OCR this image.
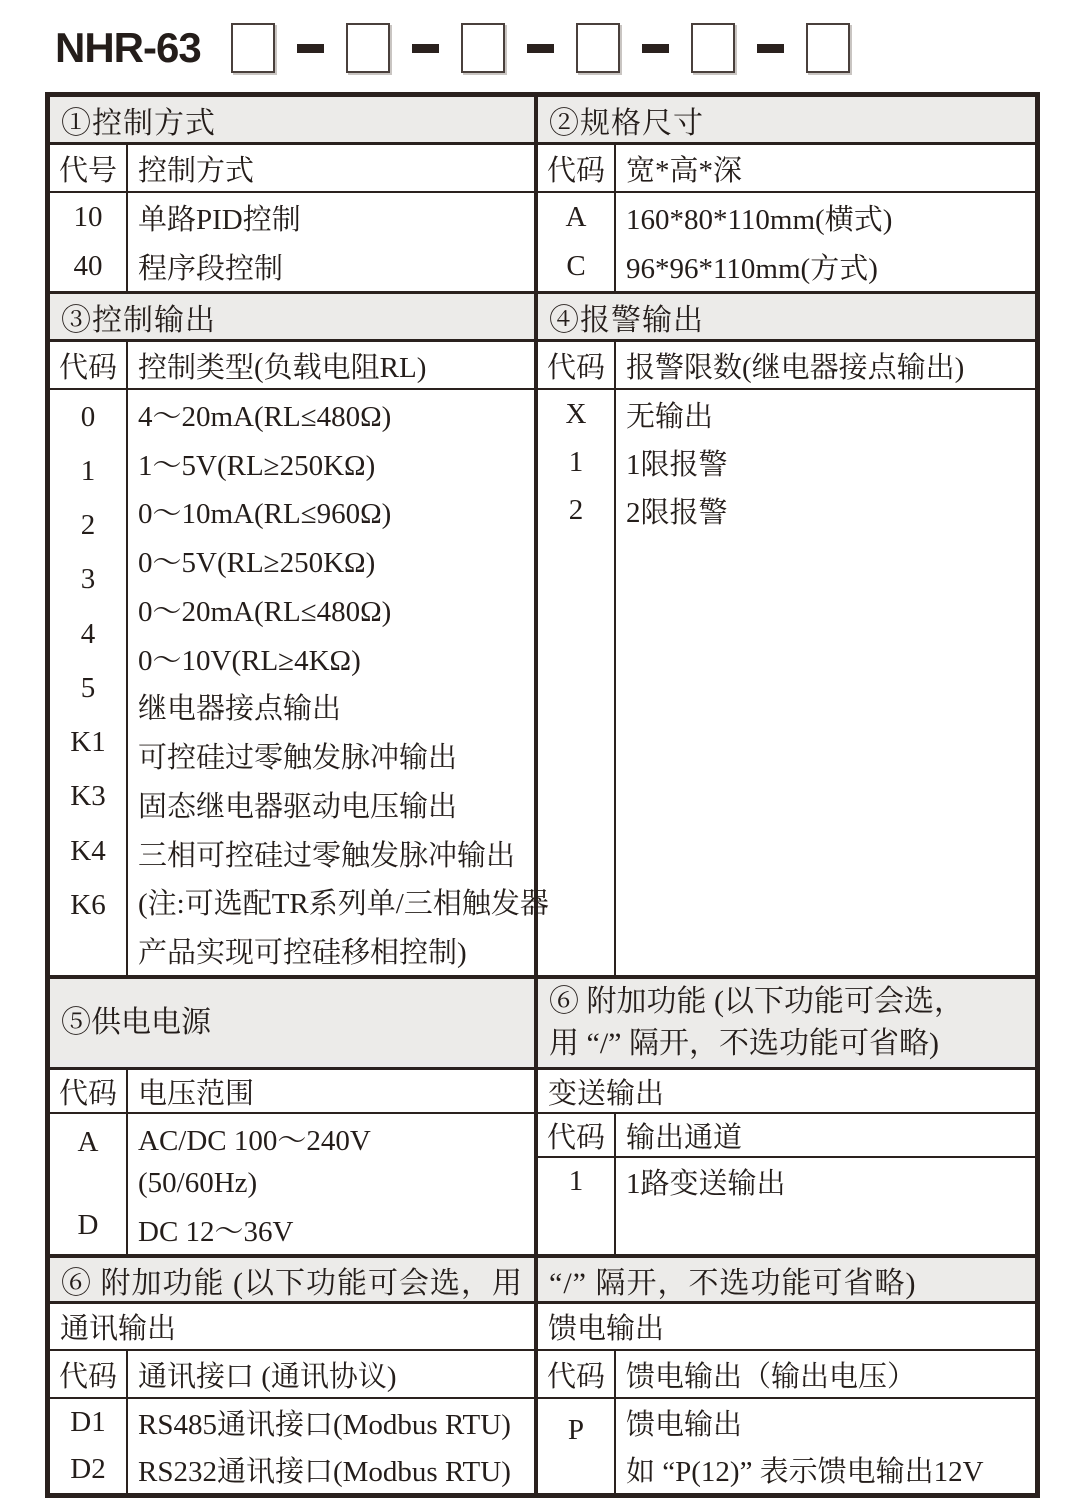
NHR-63
①控制方式
代号 控制方式
10
40
单路PID控制
程序段控制
③控制输出
代码 控制类型(负载电阻RL)
0
1
2
3
4
5
K1
K3
K4
K6
4～20mA(RL≤480Ω)
1～5V(RL≥250KΩ)
0～10mA(RL≤960Ω)
0～5V(RL≥250KΩ)
0～20mA(RL≤480Ω)
0～10V(RL≥4KΩ)
继电器接点输出
可控硅过零触发脉冲输出
固态继电器驱动电压输出
三相可控硅过零触发脉冲输出
(注:可选配TR系列单/三相触发器
产品实现可控硅移相控制)
②规格尺寸
代码 宽*高*深
A
C
160*80*110mm(横式)
96*96*110mm(方式)
④报警输出
代码 报警限数(继电器接点输出)
X
1
2
无输出
1限报警
2限报警
⑤供电电源
代码 电压范围
A
D
AC/DC 100～240V
(50/60Hz)
DC 12～36V
⑥ 附加功能 (以下功能可会选，
用 “/” 隔开，不选功能可省略)
变送输出
代码 输出通道
1	1路变送输出
⑥ 附加功能 (以下功能可会选，用
通讯输出
代码 通讯接口 (通讯协议)
D1
D2
RS485通讯接口(Modbus RTU)
RS232通讯接口(Modbus RTU)
“/” 隔开，不选功能可省略)
馈电输出
代码 馈电输出（输出电压）
P	馈电输出
如 “P(12)” 表示馈电输出12V
